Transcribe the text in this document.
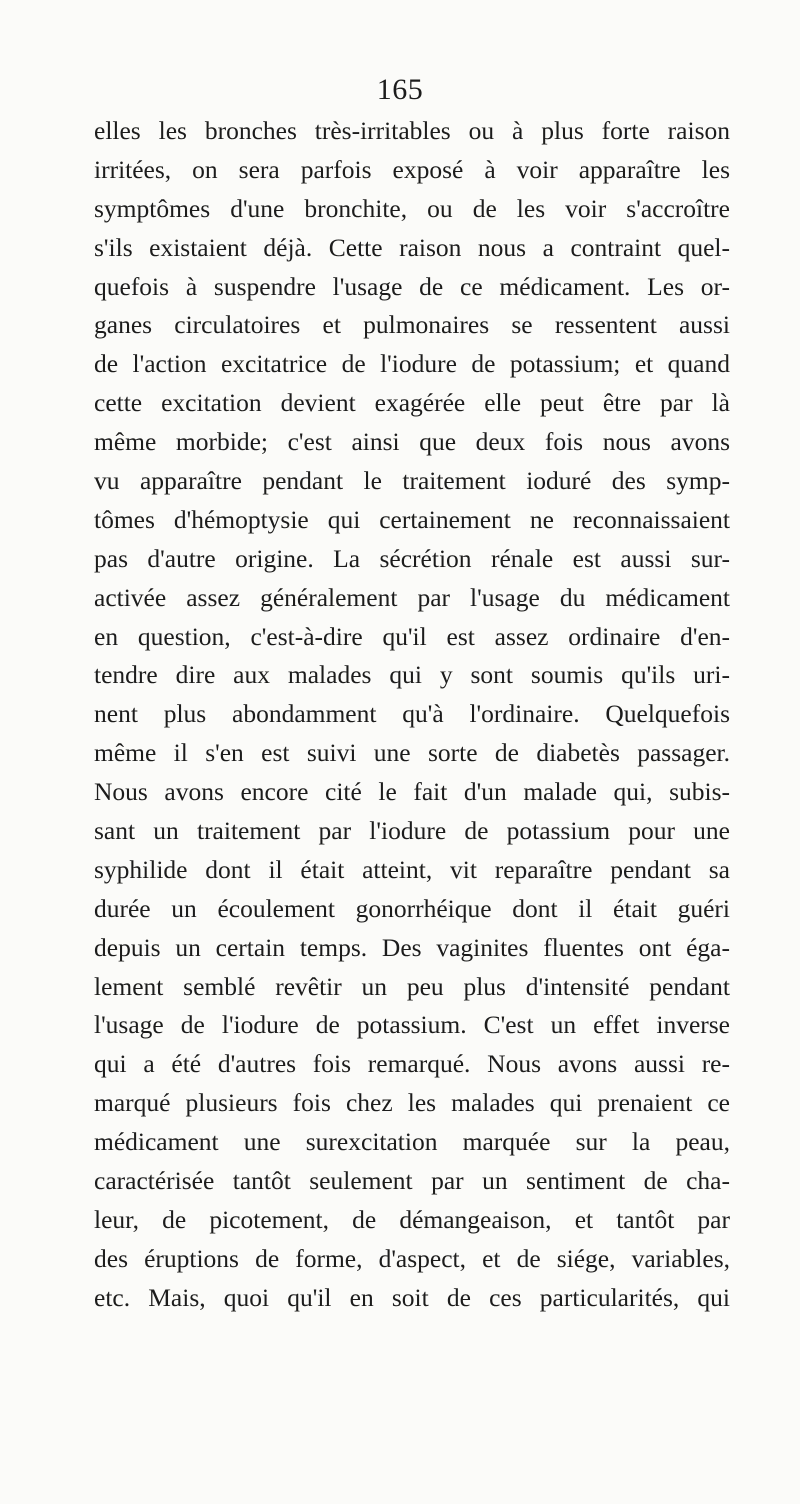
165
elles les bronches très-irritables ou à plus forte raison
irritées, on sera parfois exposé à voir apparaître les
symptômes d'une bronchite, ou de les voir s'accroître
s'ils existaient déjà. Cette raison nous a contraint quel-
quefois à suspendre l'usage de ce médicament. Les or-
ganes circulatoires et pulmonaires se ressentent aussi
de l'action excitatrice de l'iodure de potassium; et quand
cette excitation devient exagérée elle peut être par là
même morbide; c'est ainsi que deux fois nous avons
vu apparaître pendant le traitement ioduré des symp-
tômes d'hémoptysie qui certainement ne reconnaissaient
pas d'autre origine. La sécrétion rénale est aussi sur-
activée assez généralement par l'usage du médicament
en question, c'est-à-dire qu'il est assez ordinaire d'en-
tendre dire aux malades qui y sont soumis qu'ils uri-
nent plus abondamment qu'à l'ordinaire. Quelquefois
même il s'en est suivi une sorte de diabetès passager.
Nous avons encore cité le fait d'un malade qui, subis-
sant un traitement par l'iodure de potassium pour une
syphilide dont il était atteint, vit reparaître pendant sa
durée un écoulement gonorrhéique dont il était guéri
depuis un certain temps. Des vaginites fluentes ont éga-
lement semblé revêtir un peu plus d'intensité pendant
l'usage de l'iodure de potassium. C'est un effet inverse
qui a été d'autres fois remarqué. Nous avons aussi re-
marqué plusieurs fois chez les malades qui prenaient ce
médicament une surexcitation marquée sur la peau,
caractérisée tantôt seulement par un sentiment de cha-
leur, de picotement, de démangeaison, et tantôt par
des éruptions de forme, d'aspect, et de siége, variables,
etc. Mais, quoi qu'il en soit de ces particularités, qui
